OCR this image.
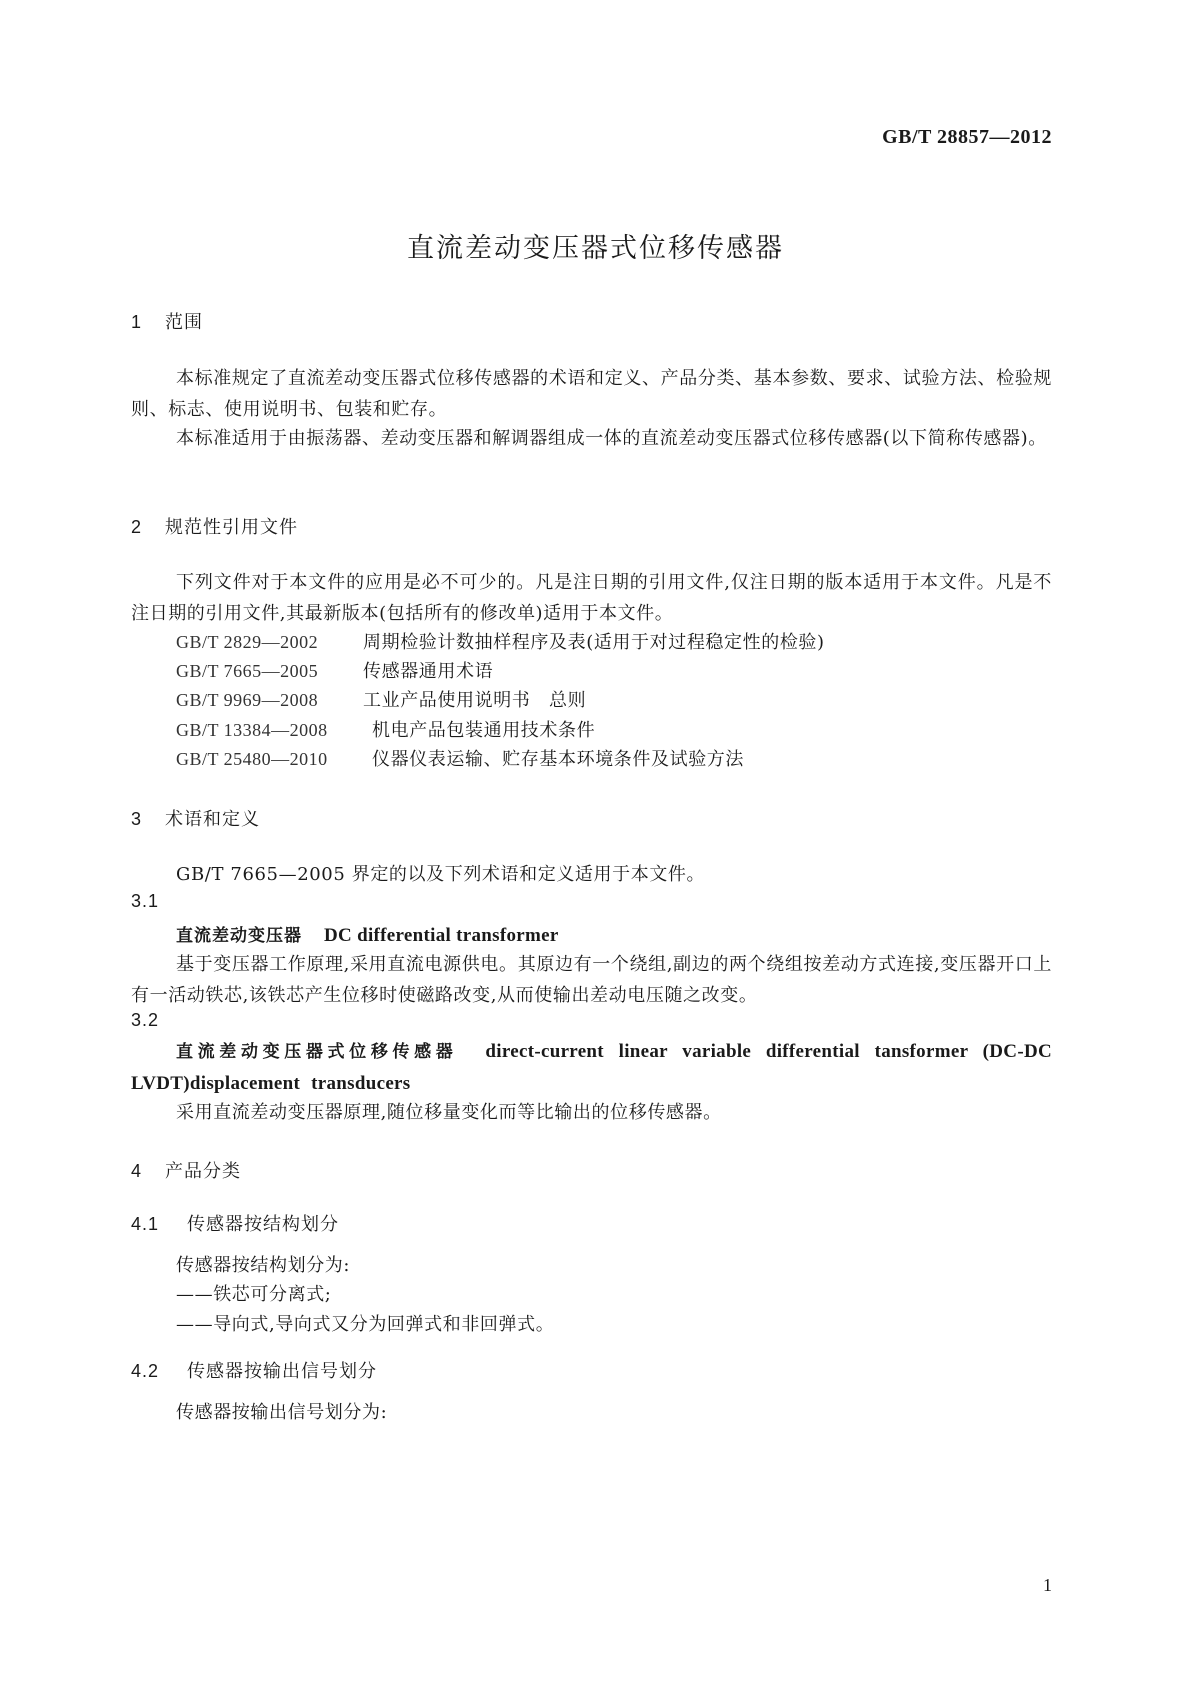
GB/T 28857—2012
直流差动变压器式位移传感器
1 范围
本标准规定了直流差动变压器式位移传感器的术语和定义、产品分类、基本参数、要求、试验方法、检验规则、标志、使用说明书、包装和贮存。
本标准适用于由振荡器、差动变压器和解调器组成一体的直流差动变压器式位移传感器(以下简称传感器)。
2 规范性引用文件
下列文件对于本文件的应用是必不可少的。凡是注日期的引用文件,仅注日期的版本适用于本文件。凡是不注日期的引用文件,其最新版本(包括所有的修改单)适用于本文件。
GB/T 2829—2002 周期检验计数抽样程序及表(适用于对过程稳定性的检验)
GB/T 7665—2005 传感器通用术语
GB/T 9969—2008 工业产品使用说明书　总则
GB/T 13384—2008 机电产品包装通用技术条件
GB/T 25480—2010 仪器仪表运输、贮存基本环境条件及试验方法
3 术语和定义
GB/T 7665—2005 界定的以及下列术语和定义适用于本文件。
3.1
直流差动变压器 DC differential transformer
基于变压器工作原理,采用直流电源供电。其原边有一个绕组,副边的两个绕组按差动方式连接,变压器开口上有一活动铁芯,该铁芯产生位移时使磁路改变,从而使输出差动电压随之改变。
3.2
直流差动变压器式位移传感器 direct-current linear variable differential tansformer (DC-DC LVDT)displacement transducers
采用直流差动变压器原理,随位移量变化而等比输出的位移传感器。
4 产品分类
4.1 传感器按结构划分
传感器按结构划分为:
——铁芯可分离式;
——导向式,导向式又分为回弹式和非回弹式。
4.2 传感器按输出信号划分
传感器按输出信号划分为:
1
